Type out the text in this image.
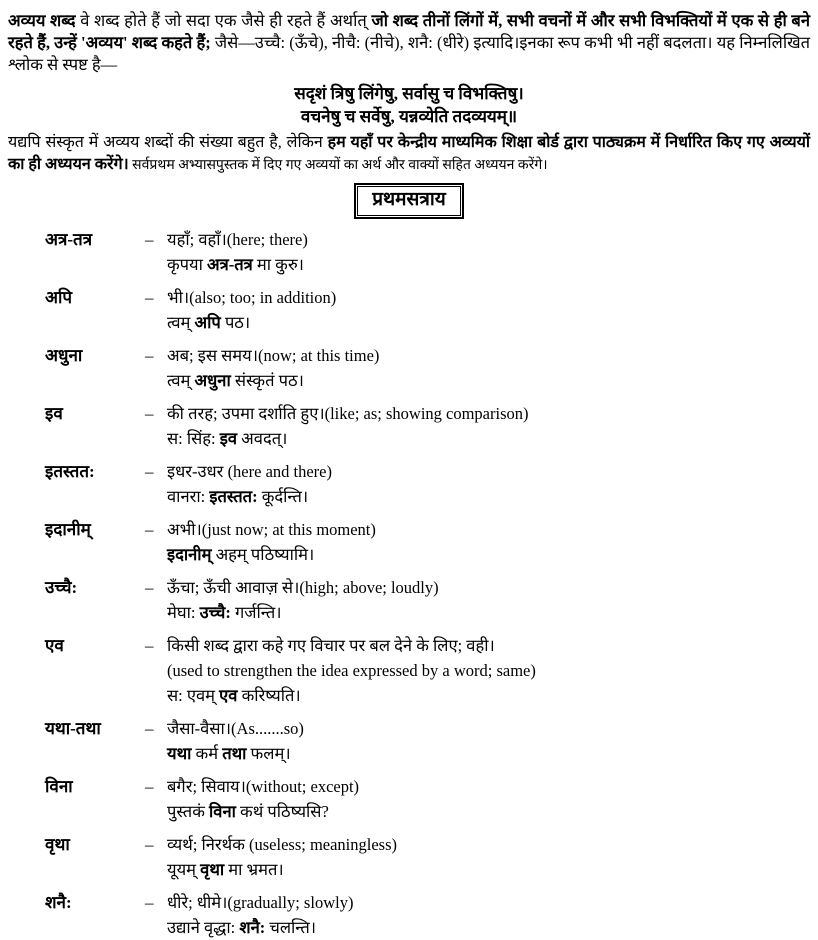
अव्यय शब्द वे शब्द होते हैं जो सदा एक जैसे ही रहते हैं अर्थात् जो शब्द तीनों लिंगों में, सभी वचनों में और सभी विभक्तियों में एक से ही बने रहते हैं, उन्हें 'अव्यय' शब्द कहते हैं; जैसे—उच्चै: (ऊँचे), नीचै: (नीचे), शनै: (धीरे) इत्यादि।इनका रूप कभी भी नहीं बदलता। यह निम्नलिखित श्लोक से स्पष्ट है—

सदृशं त्रिषु लिंगेषु, सर्वासु च विभक्तिषु।
वचनेषु च सर्वेषु, यन्नव्येति तदव्ययम्॥

यद्यपि संस्कृत में अव्यय शब्दों की संख्या बहुत है, लेकिन हम यहाँ पर केन्द्रीय माध्यमिक शिक्षा बोर्ड द्वारा पाठ्यक्रम में निर्धारित किए गए अव्ययों का ही अध्ययन करेंगे। सर्वप्रथम अभ्यासपुस्तक में दिए गए अव्ययों का अर्थ और वाक्यों सहित अध्ययन करेंगे।

प्रथमसत्राय
अत्र-तत्र	– यहाँ; वहाँ।(here; there)
कृपया अत्र-तत्र मा कुरु।
अपि	– भी।(also; too; in addition)
त्वम् अपि पठ।
अधुना	– अब; इस समय।(now; at this time)
त्वम् अधुना संस्कृतं पठ।
इव	– की तरह; उपमा दर्शाति हुए।(like; as; showing comparison)
स: सिंह: इव अवदत्।
इतस्तत:	– इधर-उधर (here and there)
वानरा: इतस्तत: कूर्दन्ति।
इदानीम्	– अभी।(just now; at this moment)
इदानीम् अहम् पठिष्यामि।
उच्चै:	– ऊँचा; ऊँची आवाज़ से।(high; above; loudly)
मेघा: उच्चै: गर्जन्ति।
एव	– किसी शब्द द्वारा कहे गए विचार पर बल देने के लिए; वही।
(used to strengthen the idea expressed by a word; same)
स: एवम् एव करिष्यति।
यथा-तथा	– जैसा-वैसा।(As.......so)
यथा कर्म तथा फलम्।
विना	– बगैर; सिवाय।(without; except)
पुस्तकं विना कथं पठिष्यसि?
वृथा	– व्यर्थ; निरर्थक (useless; meaningless)
यूयम् वृथा मा भ्रमत।
शनै:	– धीरे; धीमे।(gradually; slowly)
उद्याने वृद्धा: शनै: चलन्ति।
